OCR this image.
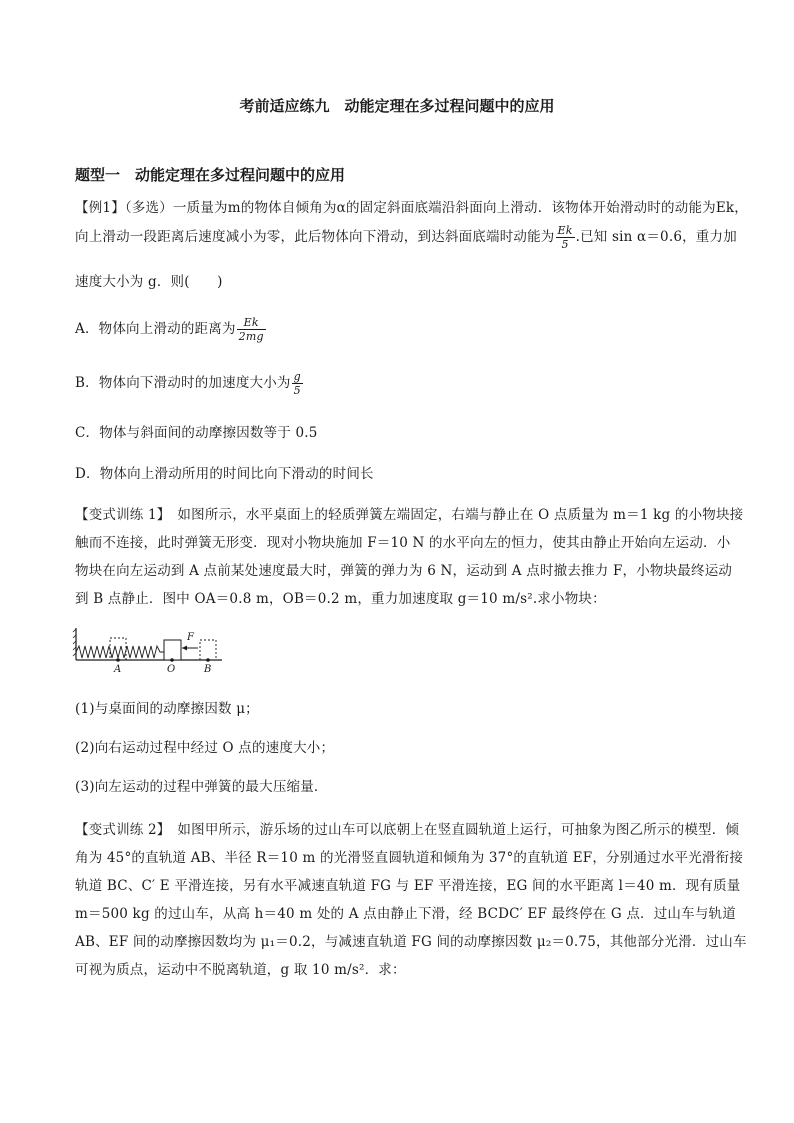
考前适应练九　动能定理在多过程问题中的应用
题型一　动能定理在多过程问题中的应用
【例1】（多选）一质量为m的物体自倾角为α的固定斜面底端沿斜面向上滑动．该物体开始滑动时的动能为Ek，
向上滑动一段距离后速度减小为零，此后物体向下滑动，到达斜面底端时动能为 $\frac{Ek}{5}$ .已知 sin α＝0.6，重力加
速度大小为 g．则(　　)
A．物体向上滑动的距离为 $\frac{Ek}{2mg}$
B．物体向下滑动时的加速度大小为 $\frac{g}{5}$
C．物体与斜面间的动摩擦因数等于 0.5
D．物体向上滑动所用的时间比向下滑动的时间长
【变式训练 1】　如图所示，水平桌面上的轻质弹簧左端固定，右端与静止在 O 点质量为 m＝1 kg 的小物块接
触而不连接，此时弹簧无形变．现对小物块施加 F＝10 N 的水平向左的恒力，使其由静止开始向左运动．小
物块在向左运动到 A 点前某处速度最大时，弹簧的弹力为 6 N，运动到 A 点时撤去推力 F，小物块最终运动
到 B 点静止．图中 OA＝0.8 m，OB＝0.2 m，重力加速度取 g＝10 m/s².求小物块：
F
A	O	B
(1)与桌面间的动摩擦因数 μ；
(2)向右运动过程中经过 O 点的速度大小；
(3)向左运动的过程中弹簧的最大压缩量．
【变式训练 2】　如图甲所示，游乐场的过山车可以底朝上在竖直圆轨道上运行，可抽象为图乙所示的模型．倾
角为 45°的直轨道 AB、半径 R＝10 m 的光滑竖直圆轨道和倾角为 37°的直轨道 EF，分别通过水平光滑衔接
轨道 BC、C′ E 平滑连接，另有水平减速直轨道 FG 与 EF 平滑连接，EG 间的水平距离 l＝40 m．现有质量
m＝500 kg 的过山车，从高 h＝40 m 处的 A 点由静止下滑，经 BCDC′ EF 最终停在 G 点．过山车与轨道
AB、EF 间的动摩擦因数均为 μ₁＝0.2，与减速直轨道 FG 间的动摩擦因数 μ₂＝0.75，其他部分光滑．过山车
可视为质点，运动中不脱离轨道，g 取 10 m/s²．求：
